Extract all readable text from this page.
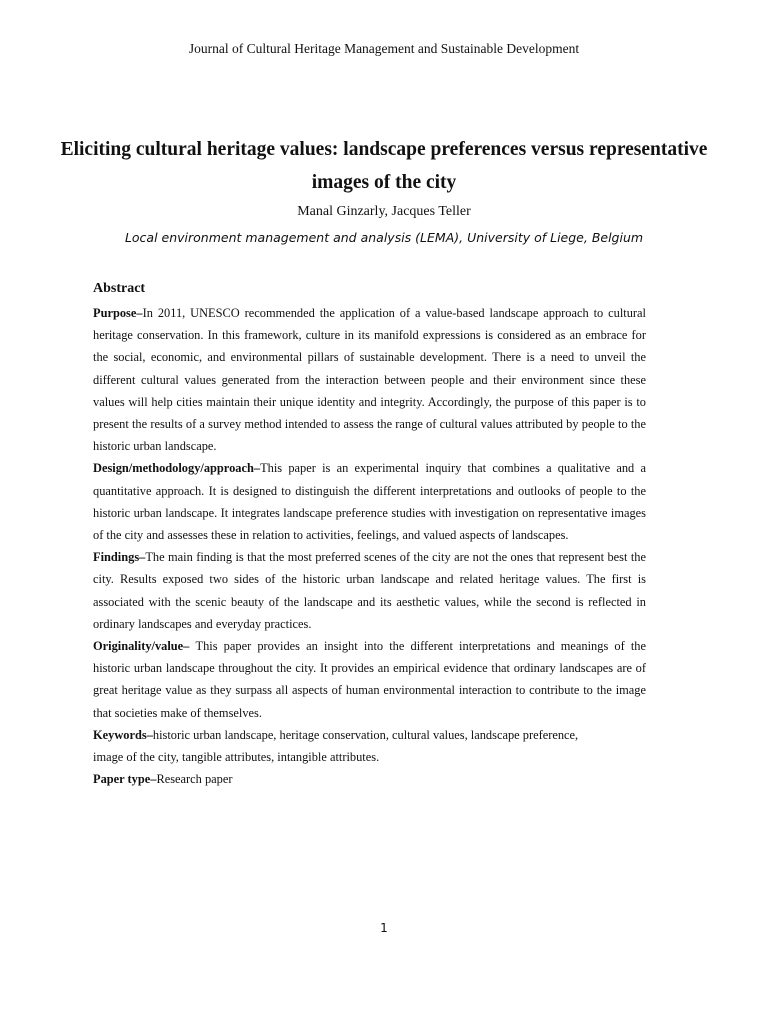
Journal of Cultural Heritage Management and Sustainable Development
Eliciting cultural heritage values: landscape preferences versus representative images of the city
Manal Ginzarly, Jacques Teller
Local environment management and analysis (LEMA), University of Liege, Belgium
Abstract

Purpose–In 2011, UNESCO recommended the application of a value-based landscape approach to cultural heritage conservation. In this framework, culture in its manifold expressions is considered as an embrace for the social, economic, and environmental pillars of sustainable development. There is a need to unveil the different cultural values generated from the interaction between people and their environment since these values will help cities maintain their unique identity and integrity. Accordingly, the purpose of this paper is to present the results of a survey method intended to assess the range of cultural values attributed by people to the historic urban landscape.

Design/methodology/approach–This paper is an experimental inquiry that combines a qualitative and a quantitative approach. It is designed to distinguish the different interpretations and outlooks of people to the historic urban landscape. It integrates landscape preference studies with investigation on representative images of the city and assesses these in relation to activities, feelings, and valued aspects of landscapes.

Findings–The main finding is that the most preferred scenes of the city are not the ones that represent best the city. Results exposed two sides of the historic urban landscape and related heritage values. The first is associated with the scenic beauty of the landscape and its aesthetic values, while the second is reflected in ordinary landscapes and everyday practices.

Originality/value– This paper provides an insight into the different interpretations and meanings of the historic urban landscape throughout the city. It provides an empirical evidence that ordinary landscapes are of great heritage value as they surpass all aspects of human environmental interaction to contribute to the image that societies make of themselves.

Keywords–historic urban landscape, heritage conservation, cultural values, landscape preference,
image of the city, tangible attributes, intangible attributes.

Paper type–Research paper

1
